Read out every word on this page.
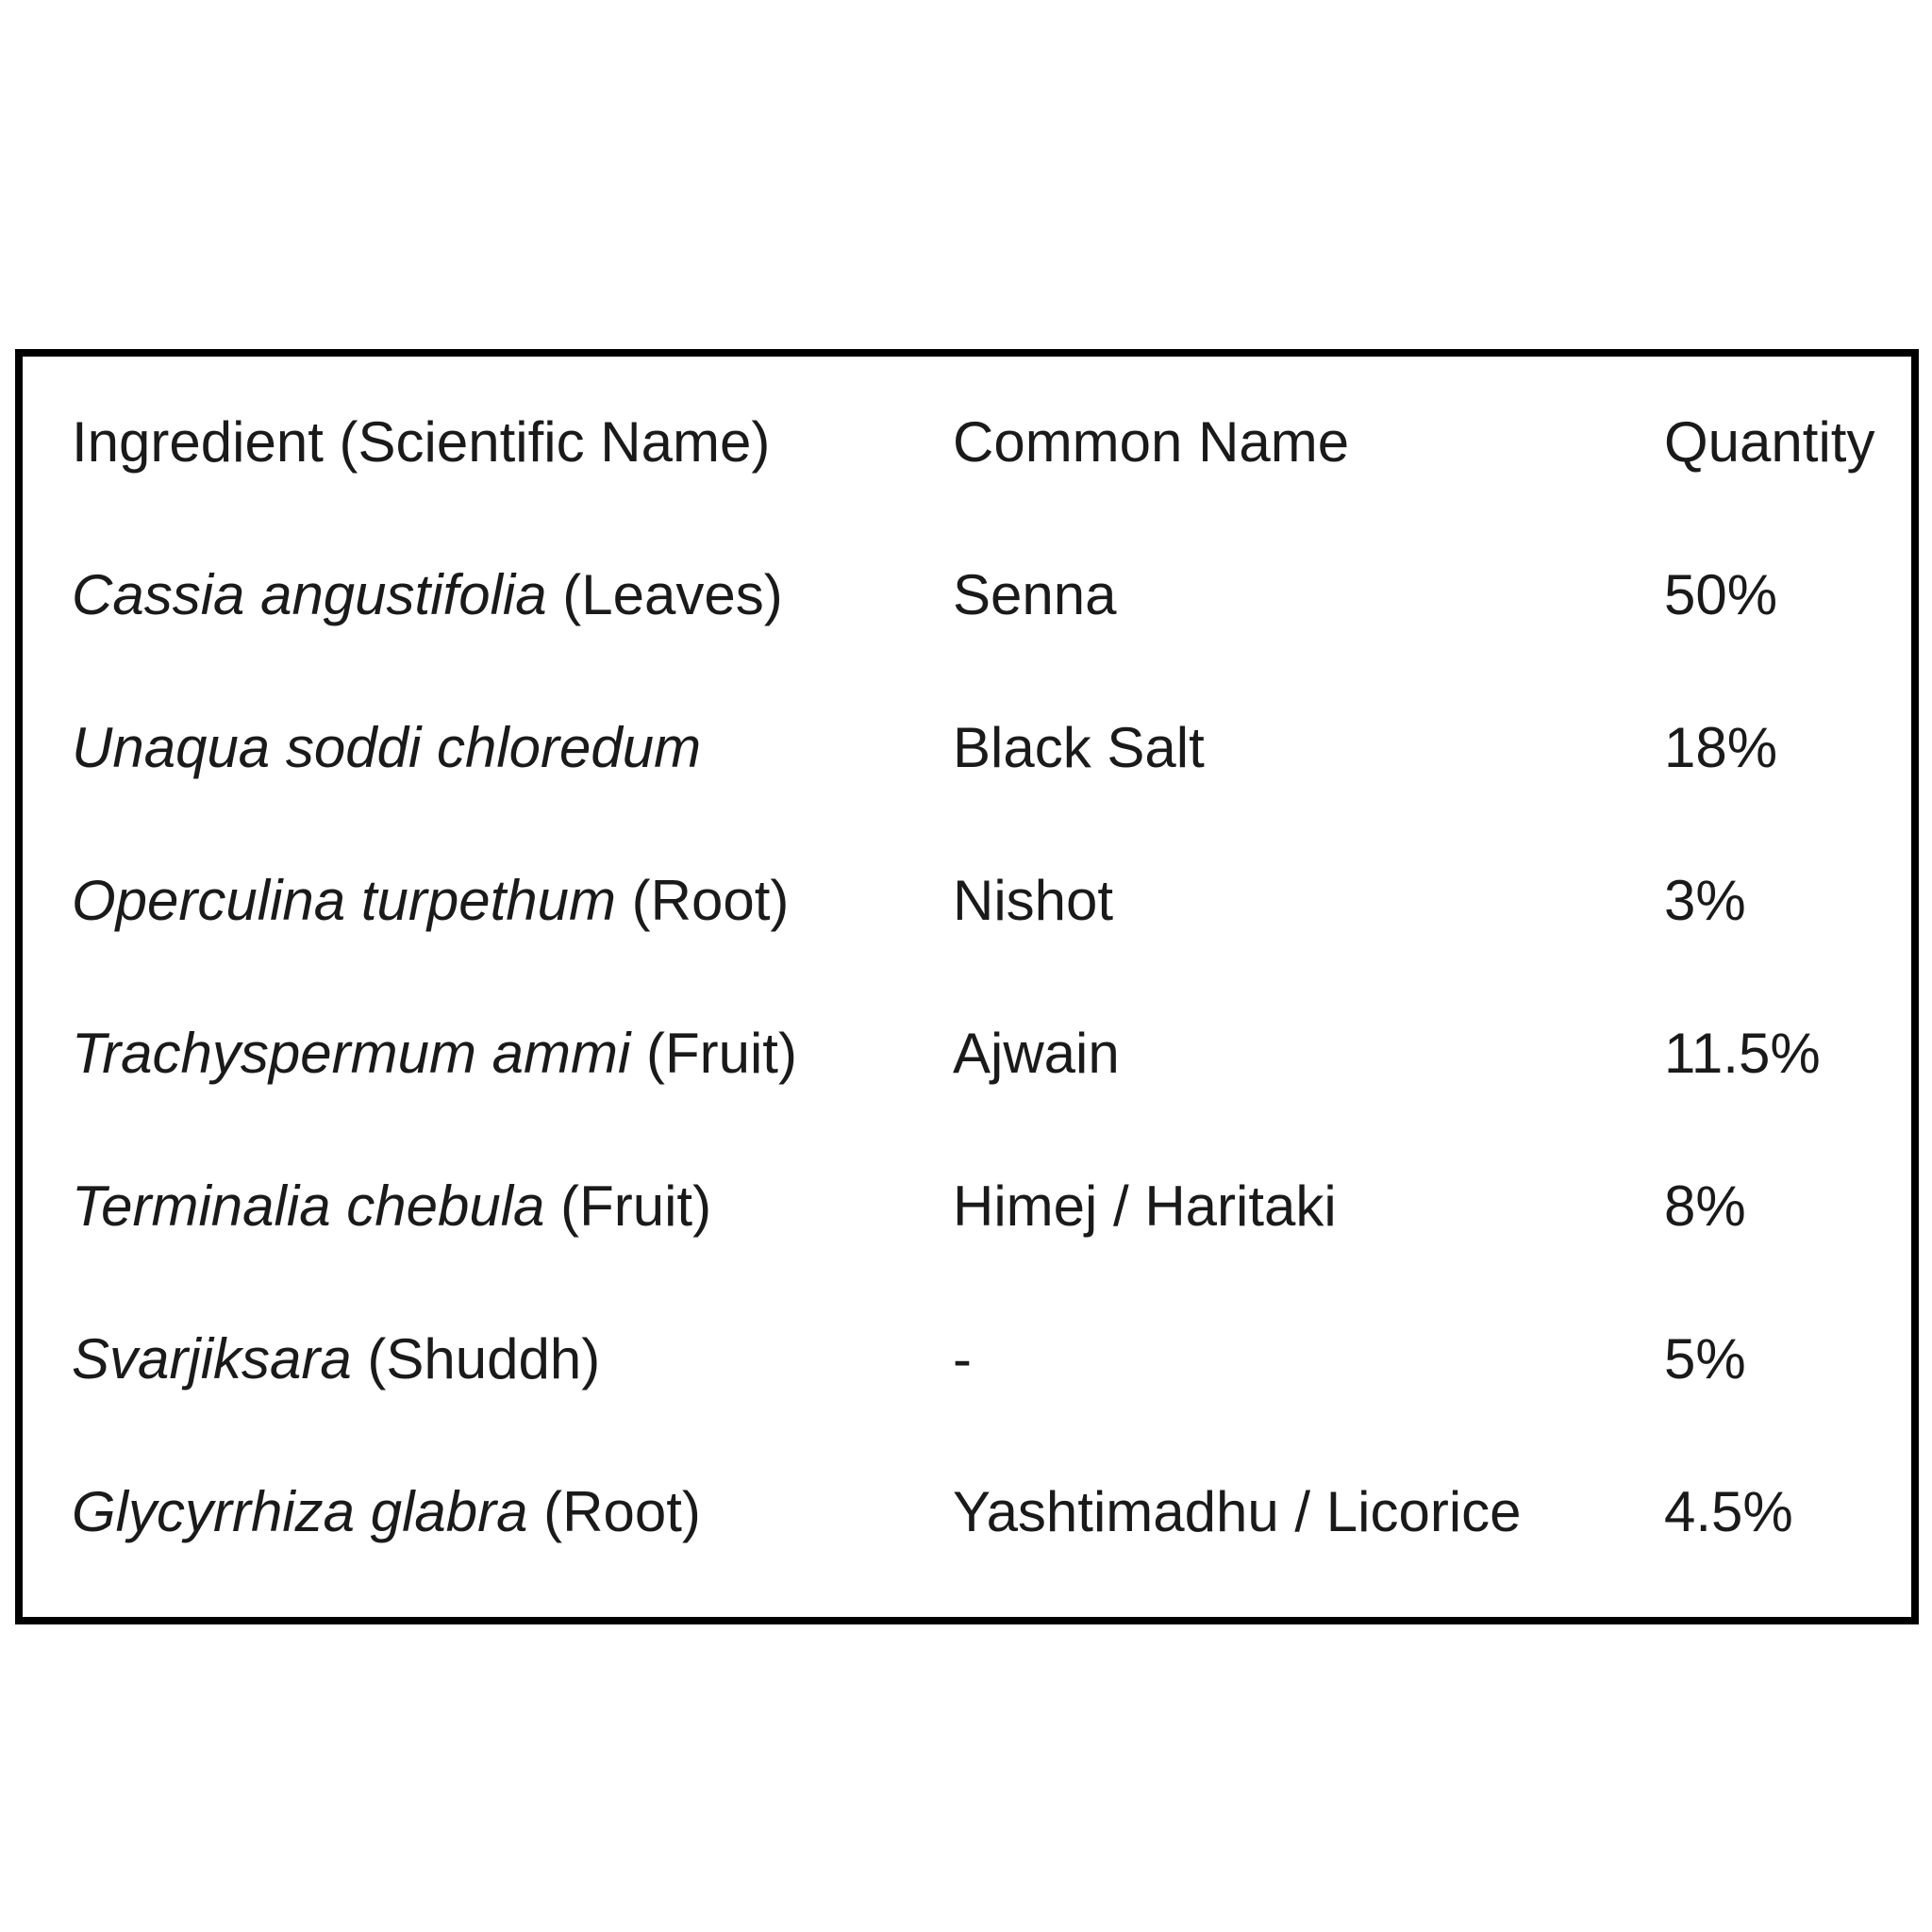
Ingredient (Scientific Name)	Common Name	Quantity
Cassia angustifolia (Leaves)	Senna	50%
Unaqua soddi chloredum	Black Salt	18%
Operculina turpethum (Root)	Nishot	3%
Trachyspermum ammi (Fruit)	Ajwain	11.5%
Terminalia chebula (Fruit)	Himej / Haritaki	8%
Svarjiksara (Shuddh)	-	5%
Glycyrrhiza glabra (Root)	Yashtimadhu / Licorice	4.5%
